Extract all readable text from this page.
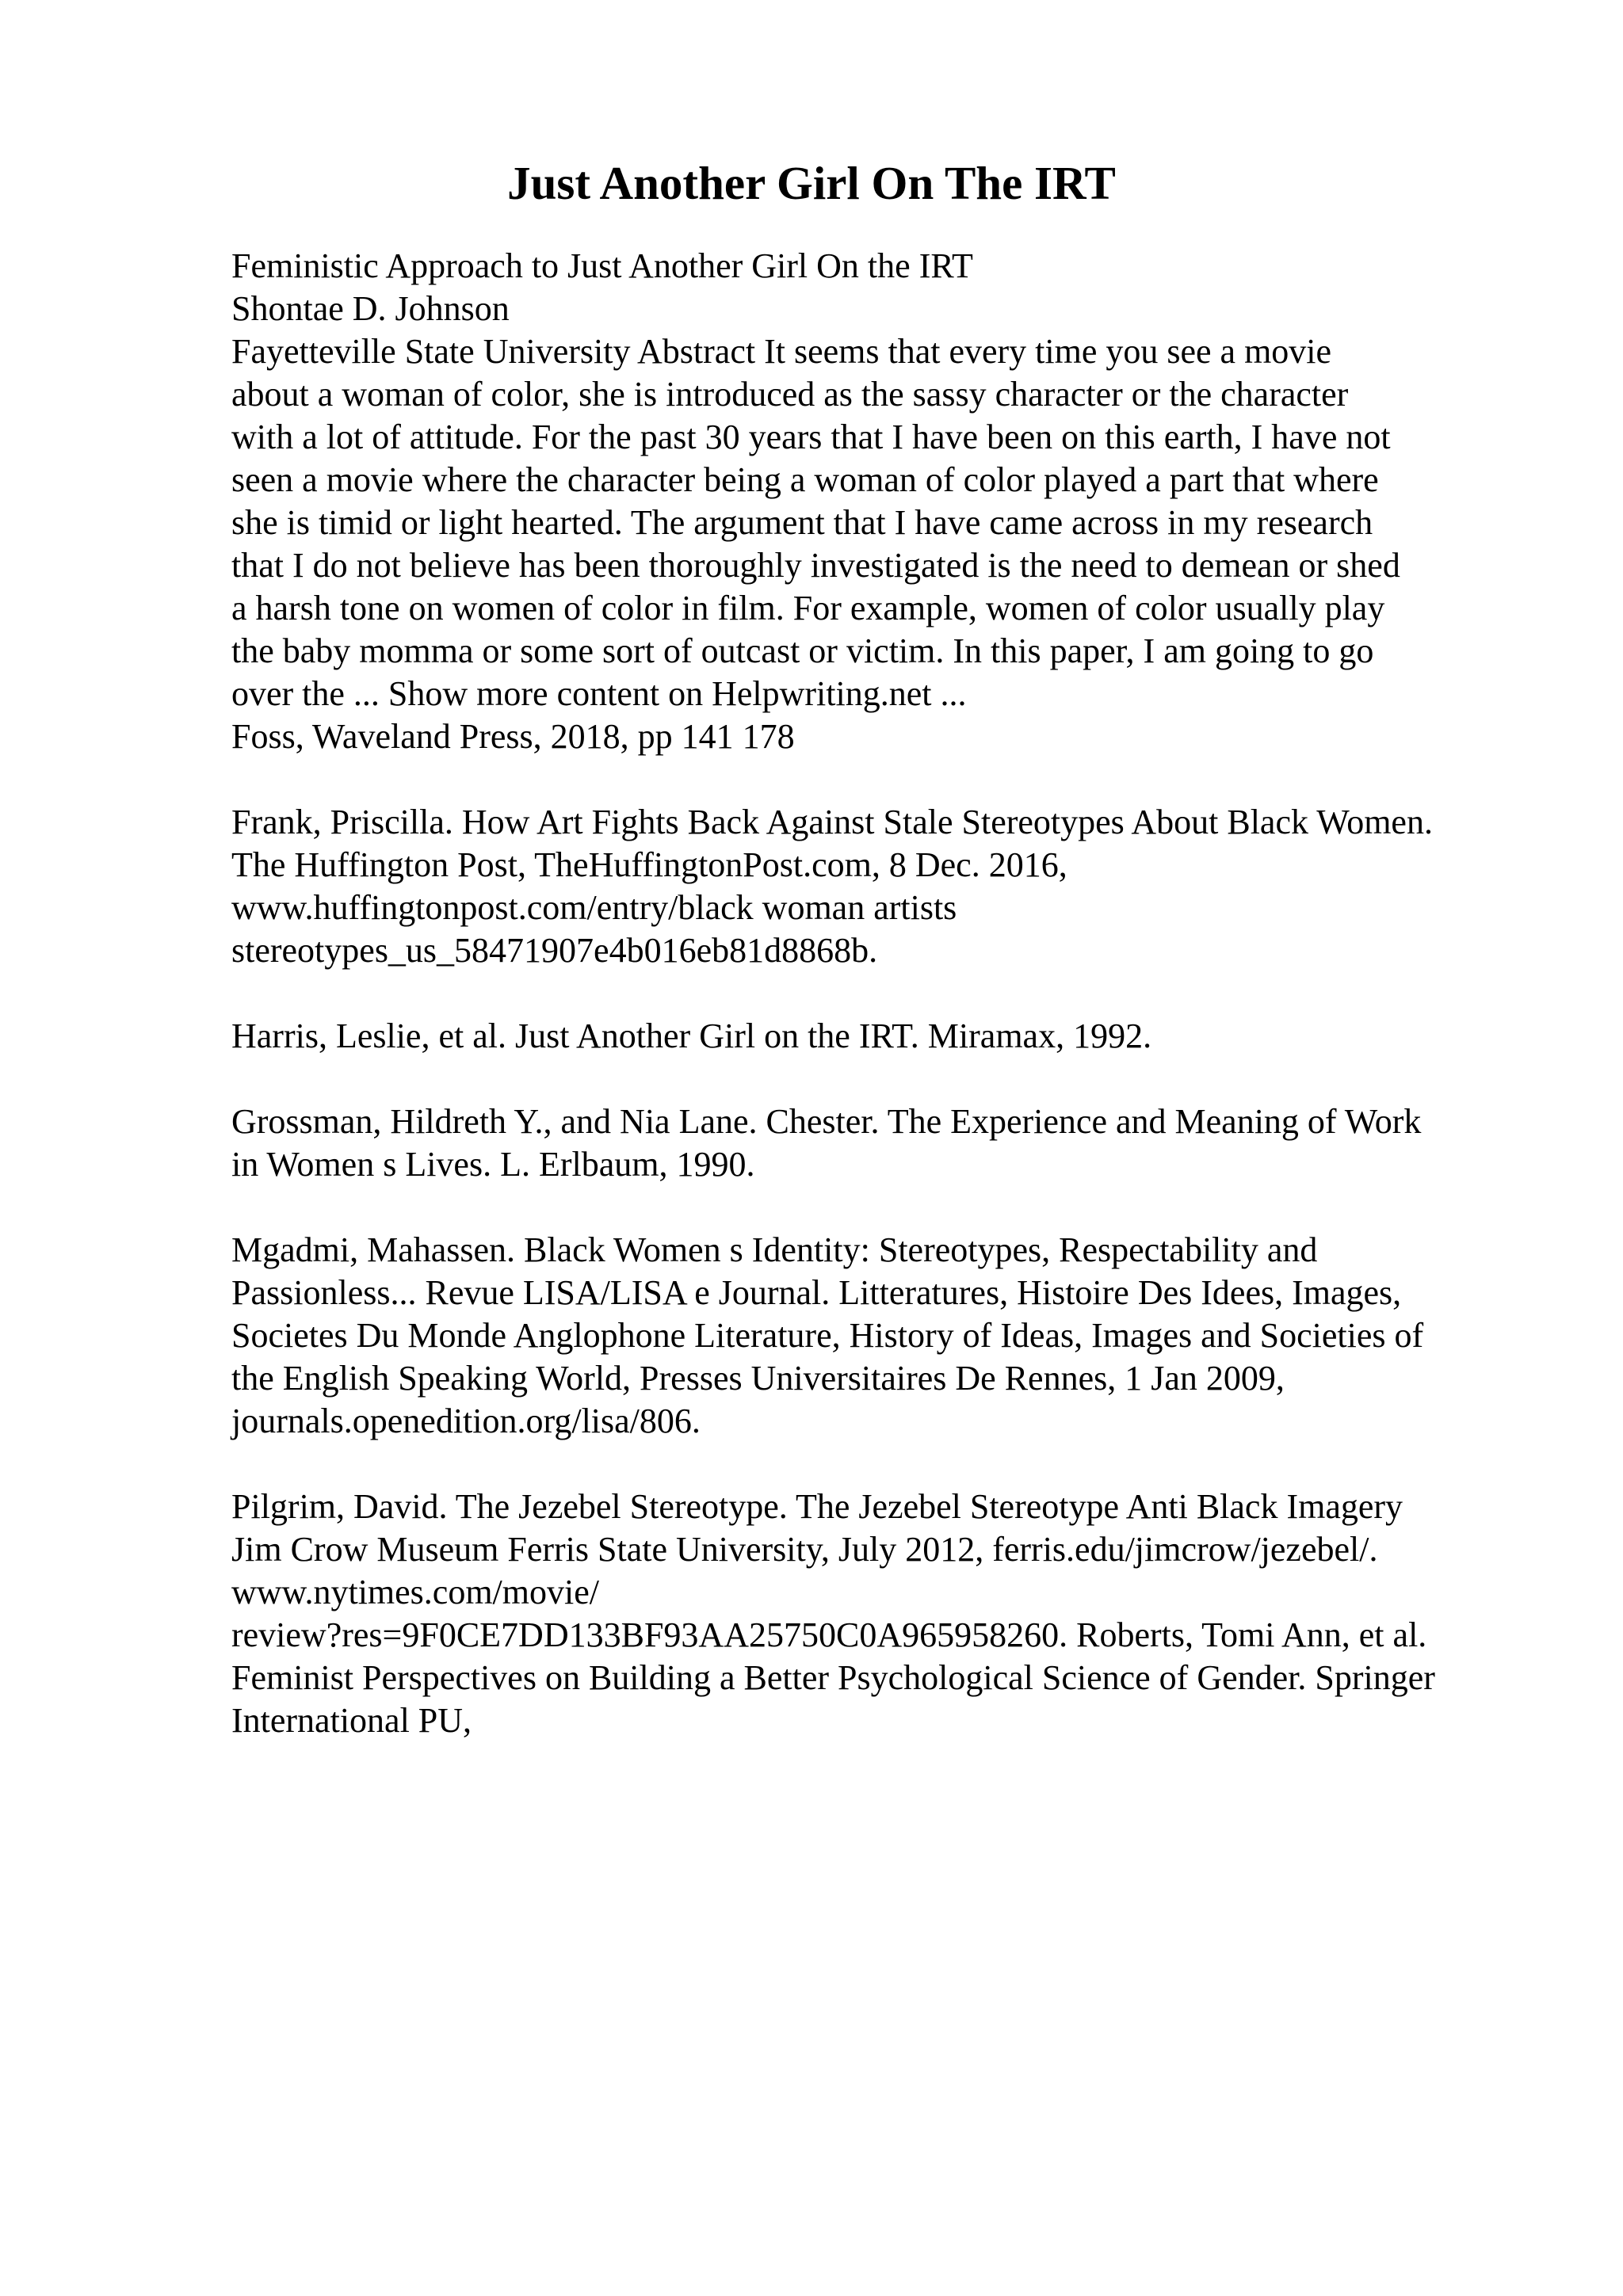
Just Another Girl On The IRT
Feministic Approach to Just Another Girl On the IRT
Shontae D. Johnson
Fayetteville State University Abstract It seems that every time you see a movie
about a woman of color, she is introduced as the sassy character or the character
with a lot of attitude. For the past 30 years that I have been on this earth, I have not
seen a movie where the character being a woman of color played a part that where
she is timid or light hearted. The argument that I have came across in my research
that I do not believe has been thoroughly investigated is the need to demean or shed
a harsh tone on women of color in film. For example, women of color usually play
the baby momma or some sort of outcast or victim. In this paper, I am going to go
over the ... Show more content on Helpwriting.net ...
Foss, Waveland Press, 2018, pp 141 178
Frank, Priscilla. How Art Fights Back Against Stale Stereotypes About Black Women.
The Huffington Post, TheHuffingtonPost.com, 8 Dec. 2016,
www.huffingtonpost.com/entry/black woman artists
stereotypes_us_58471907e4b016eb81d8868b.
Harris, Leslie, et al. Just Another Girl on the IRT. Miramax, 1992.
Grossman, Hildreth Y., and Nia Lane. Chester. The Experience and Meaning of Work
in Women s Lives. L. Erlbaum, 1990.
Mgadmi, Mahassen. Black Women s Identity: Stereotypes, Respectability and
Passionless... Revue LISA/LISA e Journal. Litteratures, Histoire Des Idees, Images,
Societes Du Monde Anglophone Literature, History of Ideas, Images and Societies of
the English Speaking World, Presses Universitaires De Rennes, 1 Jan 2009,
journals.openedition.org/lisa/806.
Pilgrim, David. The Jezebel Stereotype. The Jezebel Stereotype Anti Black Imagery
Jim Crow Museum Ferris State University, July 2012, ferris.edu/jimcrow/jezebel/.
www.nytimes.com/movie/
review?res=9F0CE7DD133BF93AA25750C0A965958260. Roberts, Tomi Ann, et al.
Feminist Perspectives on Building a Better Psychological Science of Gender. Springer
International PU,
